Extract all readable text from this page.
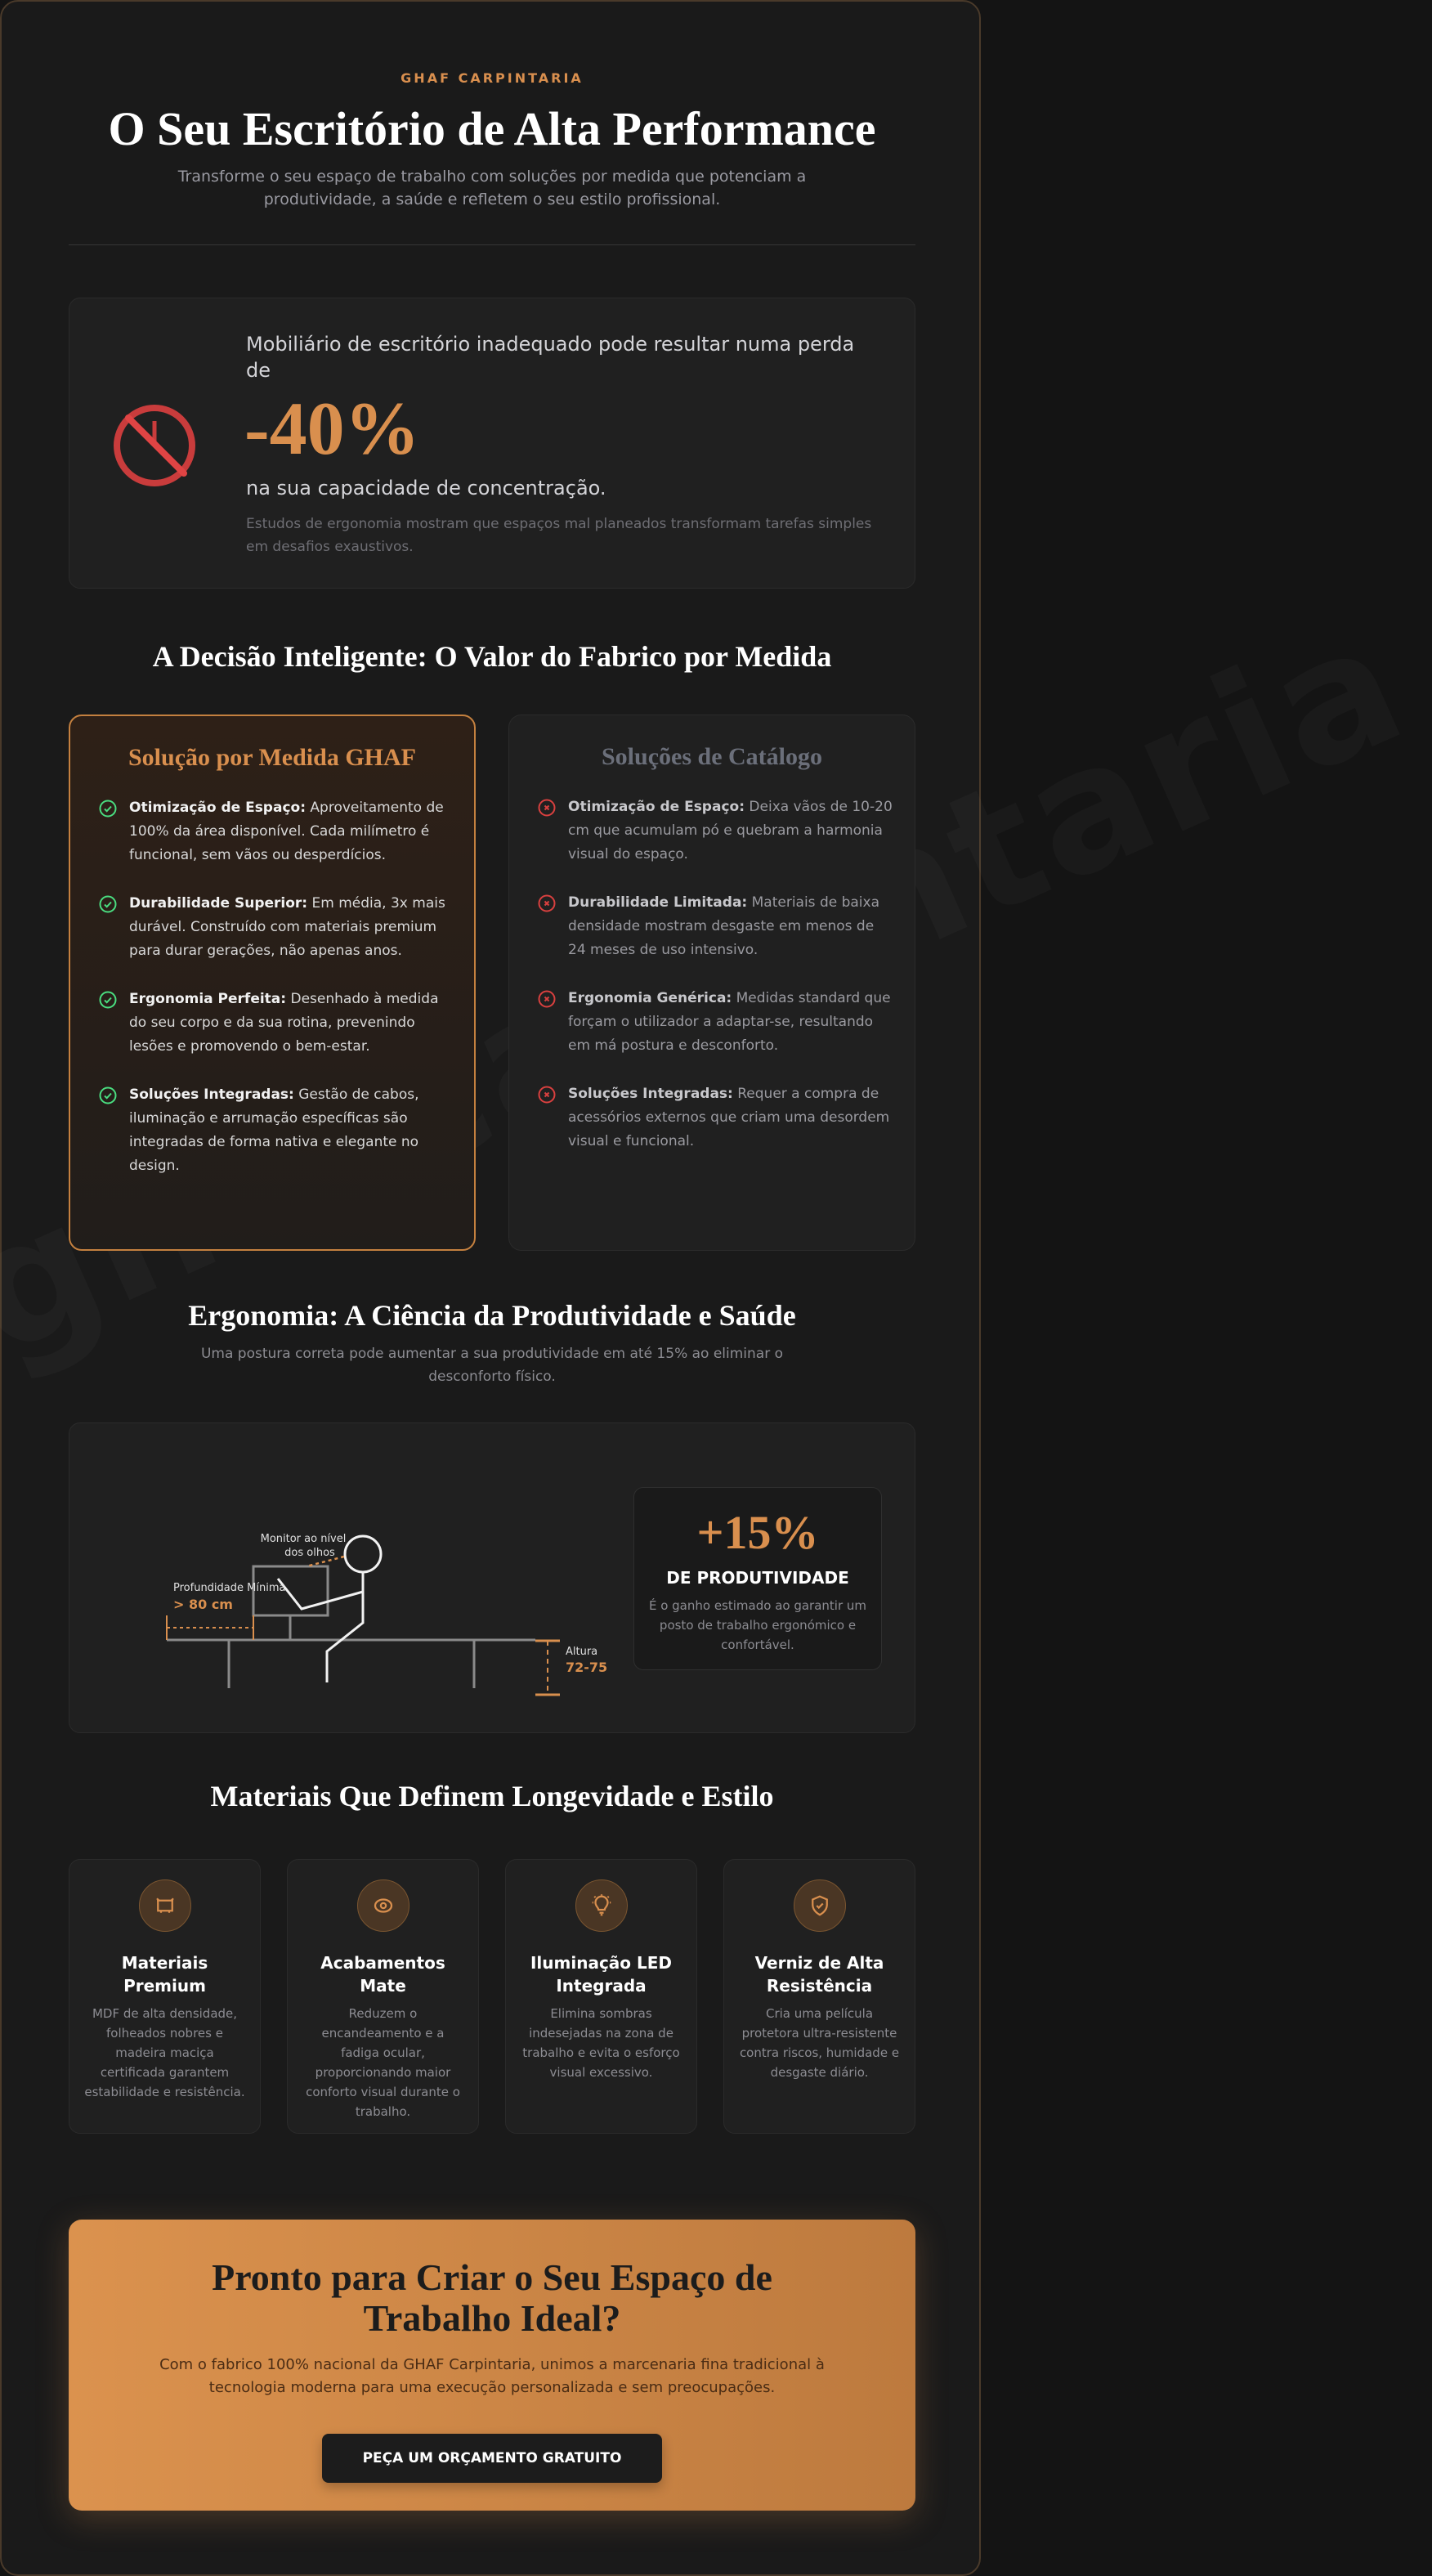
GHAF CARPINTARIA
O Seu Escritório de Alta Performance

Transforme o seu espaço de trabalho com soluções por medida que potenciam a produtividade, a saúde e refletem o seu estilo profissional.

Mobiliário de escritório inadequado pode resultar numa perda de

-40%

na sua capacidade de concentração.

Estudos de ergonomia mostram que espaços mal planeados transformam tarefas simples em desafios exaustivos.

A Decisão Inteligente: O Valor do Fabrico por Medida
Solução por Medida GHAF
Otimização de Espaço: Aproveitamento de 100% da área disponível. Cada milímetro é funcional, sem vãos ou desperdícios.
Durabilidade Superior: Em média, 3x mais durável. Construído com materiais premium para durar gerações, não apenas anos.
Ergonomia Perfeita: Desenhado à medida do seu corpo e da sua rotina, prevenindo lesões e promovendo o bem-estar.
Soluções Integradas: Gestão de cabos, iluminação e arrumação específicas são integradas de forma nativa e elegante no design.
Soluções de Catálogo
Otimização de Espaço: Deixa vãos de 10-20 cm que acumulam pó e quebram a harmonia visual do espaço.
Durabilidade Limitada: Materiais de baixa densidade mostram desgaste em menos de 24 meses de uso intensivo.
Ergonomia Genérica: Medidas standard que forçam o utilizador a adaptar-se, resultando em má postura e desconforto.
Soluções Integradas: Requer a compra de acessórios externos que criam uma desordem visual e funcional.
Ergonomia: A Ciência da Produtividade e Saúde

Uma postura correta pode aumentar a sua produtividade em até 15% ao eliminar o desconforto físico.

Monitor ao nível
dos olhos
Profundidade Mínima
> 80 cm
Altura
72-75
+15%
DE PRODUTIVIDADE
É o ganho estimado ao garantir um posto de trabalho ergonómico e confortável.
Materiais Que Definem Longevidade e Estilo
Materiais Premium

MDF de alta densidade, folheados nobres e madeira maciça certificada garantem estabilidade e resistência.

Acabamentos Mate

Reduzem o encandeamento e a fadiga ocular, proporcionando maior conforto visual durante o trabalho.

Iluminação LED Integrada

Elimina sombras indesejadas na zona de trabalho e evita o esforço visual excessivo.

Verniz de Alta Resistência

Cria uma película protetora ultra-resistente contra riscos, humidade e desgaste diário.

Pronto para Criar o Seu Espaço de Trabalho Ideal?

Com o fabrico 100% nacional da GHAF Carpintaria, unimos a marcenaria fina tradicional à tecnologia moderna para uma execução personalizada e sem preocupações.

PEÇA UM ORÇAMENTO GRATUITO
